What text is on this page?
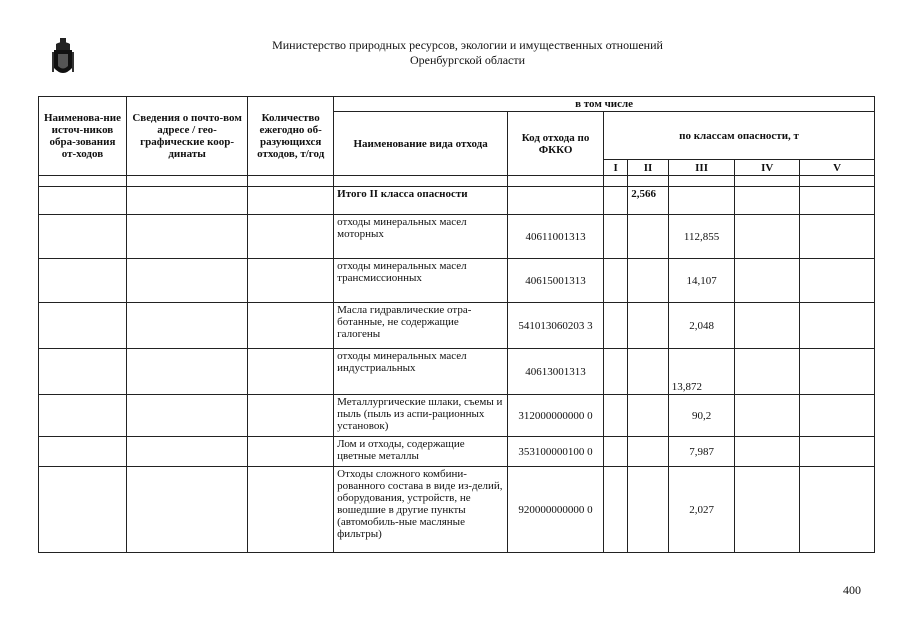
Министерство природных ресурсов, экологии и имущественных отношений
Оренбургской области
Наименова-ние источ-ников обра-зования от-ходов	Сведения о почто-вом адресе / гео-графические коор-динаты	Количество ежегодно об-разующихся отходов, т/год	в том числе						
			Наименование вида отхода	Код отхода по ФККО	по классам опасности, т				
					I	II	III	IV	V

			Итого II класса опасности			2,566			
			отходы минеральных масел моторных	40611001313			112,855		
			отходы минеральных масел трансмиссионных	40615001313			14,107		
			Масла гидравлические отра-ботанные, не содержащие галогены	541013060203 3			2,048		
			отходы минеральных масел индустриальных	40613001313			13,872		
			Металлургические шлаки, съемы и пыль (пыль из аспи-рационных установок)	312000000000 0			90,2		
			Лом и отходы, содержащие цветные металлы	353100000100 0			7,987		
			Отходы сложного комбини-рованного состава в виде из-делий, оборудования, устройств, не вошедшие в другие пункты (автомобиль-ные масляные фильтры)	920000000000 0			2,027		
400
